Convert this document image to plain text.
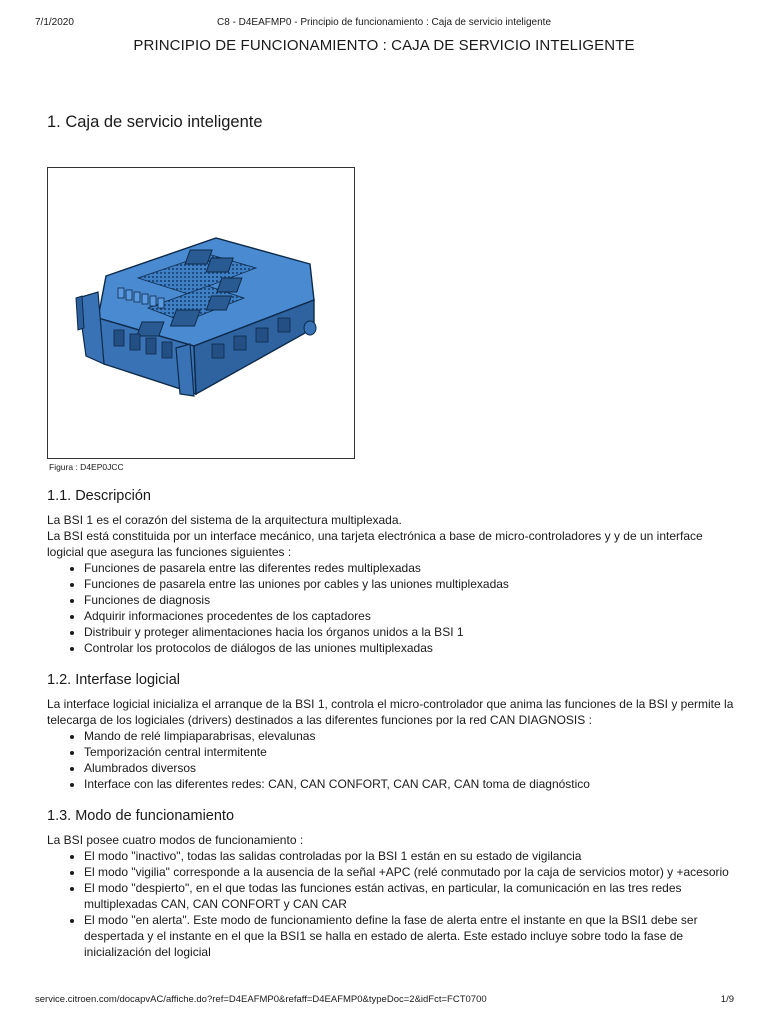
7/1/2020	C8 - D4EAFMP0 - Principio de funcionamiento : Caja de servicio inteligente
PRINCIPIO DE FUNCIONAMIENTO : CAJA DE SERVICIO INTELIGENTE
1. Caja de servicio inteligente
Figura : D4EP0JCC
1.1. Descripción

La BSI 1 es el corazón del sistema de la arquitectura multiplexada.

La BSI está constituida por un interface mecánico, una tarjeta electrónica a base de micro-controladores y y de un interface logicial que asegura las funciones siguientes :

• Funciones de pasarela entre las diferentes redes multiplexadas
• Funciones de pasarela entre las uniones por cables y las uniones multiplexadas
• Funciones de diagnosis
• Adquirir informaciones procedentes de los captadores
• Distribuir y proteger alimentaciones hacia los órganos unidos a la BSI 1
• Controlar los protocolos de diálogos de las uniones multiplexadas
1.2. Interfase logicial

La interface logicial inicializa el arranque de la BSI 1, controla el micro-controlador que anima las funciones de la BSI y permite la telecarga de los logiciales (drivers) destinados a las diferentes funciones por la red CAN DIAGNOSIS :

• Mando de relé limpiaparabrisas, elevalunas
• Temporización central intermitente
• Alumbrados diversos
• Interface con las diferentes redes: CAN, CAN CONFORT, CAN CAR, CAN toma de diagnóstico
1.3. Modo de funcionamiento

La BSI posee cuatro modos de funcionamiento :

• El modo "inactivo", todas las salidas controladas por la BSI 1 están en su estado de vigilancia
• El modo "vigilia" corresponde a la ausencia de la señal +APC (relé conmutado por la caja de servicios motor) y +acesorio
• El modo "despierto", en el que todas las funciones están activas, en particular, la comunicación en las tres redes multiplexadas CAN, CAN CONFORT y CAN CAR
• El modo "en alerta". Este modo de funcionamiento define la fase de alerta entre el instante en que la BSI1 debe ser despertada y el instante en el que la BSI1 se halla en estado de alerta. Este estado incluye sobre todo la fase de inicialización del logicial
service.citroen.com/docapvAC/affiche.do?ref=D4EAFMP0&refaff=D4EAFMP0&typeDoc=2&idFct=FCT0700	1/9
